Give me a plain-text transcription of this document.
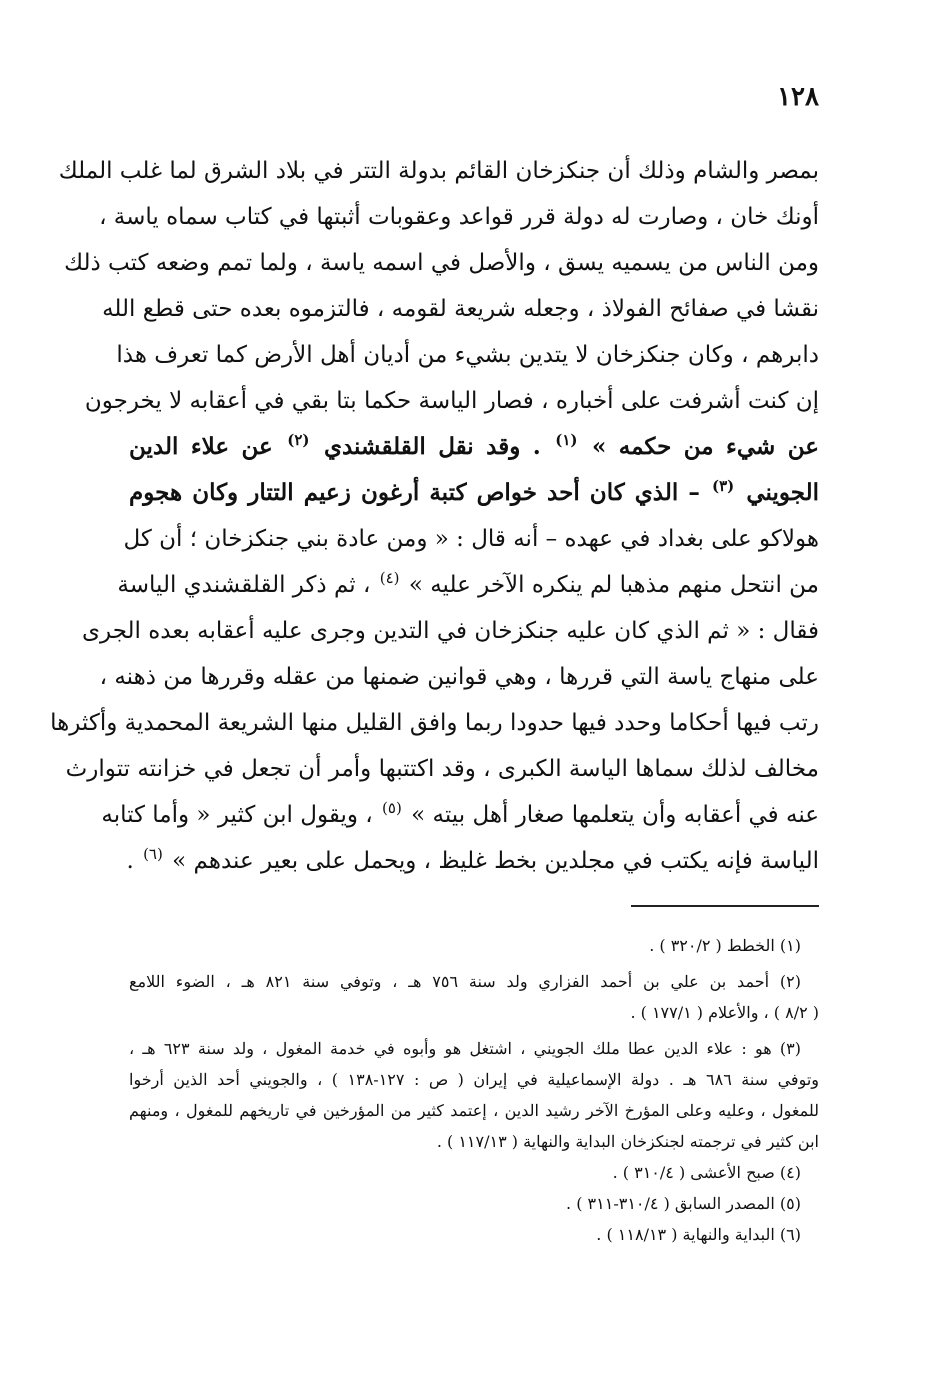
١٢٨
بمصر والشام وذلك أن جنكزخان القائم بدولة التتر في بلاد الشرق لما غلب الملك
أونك خان ، وصارت له دولة قرر قواعد وعقوبات أثبتها في كتاب سماه ياسة ،
ومن الناس من يسميه يسق ، والأصل في اسمه ياسة ، ولما تمم وضعه كتب ذلك
نقشا في صفائح الفولاذ ، وجعله شريعة لقومه ، فالتزموه بعده حتى قطع الله
دابرهم ، وكان جنكزخان لا يتدين بشيء من أديان أهل الأرض كما تعرف هذا
إن كنت أشرفت على أخباره ، فصار الياسة حكما بتا بقي في أعقابه لا يخرجون
عن شيء من حكمه » $^{(١)}$ . وقد نقل القلقشندي $^{(٢)}$ عن علاء الدين
الجويني $^{(٣)}$ – الذي كان أحد خواص كتبة أرغون زعيم التتار وكان هجوم
هولاكو على بغداد في عهده – أنه قال : « ومن عادة بني جنكزخان ؛ أن كل
من انتحل منهم مذهبا لم ينكره الآخر عليه » $^{(٤)}$ ، ثم ذكر القلقشندي الياسة
فقال : « ثم الذي كان عليه جنكزخان في التدين وجرى عليه أعقابه بعده الجرى
على منهاج ياسة التي قررها ، وهي قوانين ضمنها من عقله وقررها من ذهنه ،
رتب فيها أحكاما وحدد فيها حدودا ربما وافق القليل منها الشريعة المحمدية وأكثرها
مخالف لذلك سماها الياسة الكبرى ، وقد اكتتبها وأمر أن تجعل في خزانته تتوارث
عنه في أعقابه وأن يتعلمها صغار أهل بيته » $^{(٥)}$ ، ويقول ابن كثير « وأما كتابه
الياسة فإنه يكتب في مجلدين بخط غليظ ، ويحمل على بعير عندهم » $^{(٦)}$ .
(١) الخطط ( ٣٢٠/٢ ) .
(٢) أحمد بن علي بن أحمد الفزاري ولد سنة ٧٥٦ هـ ، وتوفي سنة ٨٢١ هـ ، الضوء اللامع
( ٨/٢ ) ، والأعلام ( ١٧٧/١ ) .
(٣) هو : علاء الدين عطا ملك الجويني ، اشتغل هو وأبوه في خدمة المغول ، ولد سنة ٦٢٣ هـ ،
وتوفي سنة ٦٨٦ هـ . دولة الإسماعيلية في إيران ( ص : ١٢٧-١٣٨ ) ، والجويني أحد الذين أرخوا
للمغول ، وعليه وعلى المؤرخ الآخر رشيد الدين ، إعتمد كثير من المؤرخين في تاريخهم للمغول ، ومنهم
ابن كثير في ترجمته لجنكزخان البداية والنهاية ( ١١٧/١٣ ) .
(٤) صبح الأعشى ( ٣١٠/٤ ) .
(٥) المصدر السابق ( ٣١٠/٤-٣١١ ) .
(٦) البداية والنهاية ( ١١٨/١٣ ) .
